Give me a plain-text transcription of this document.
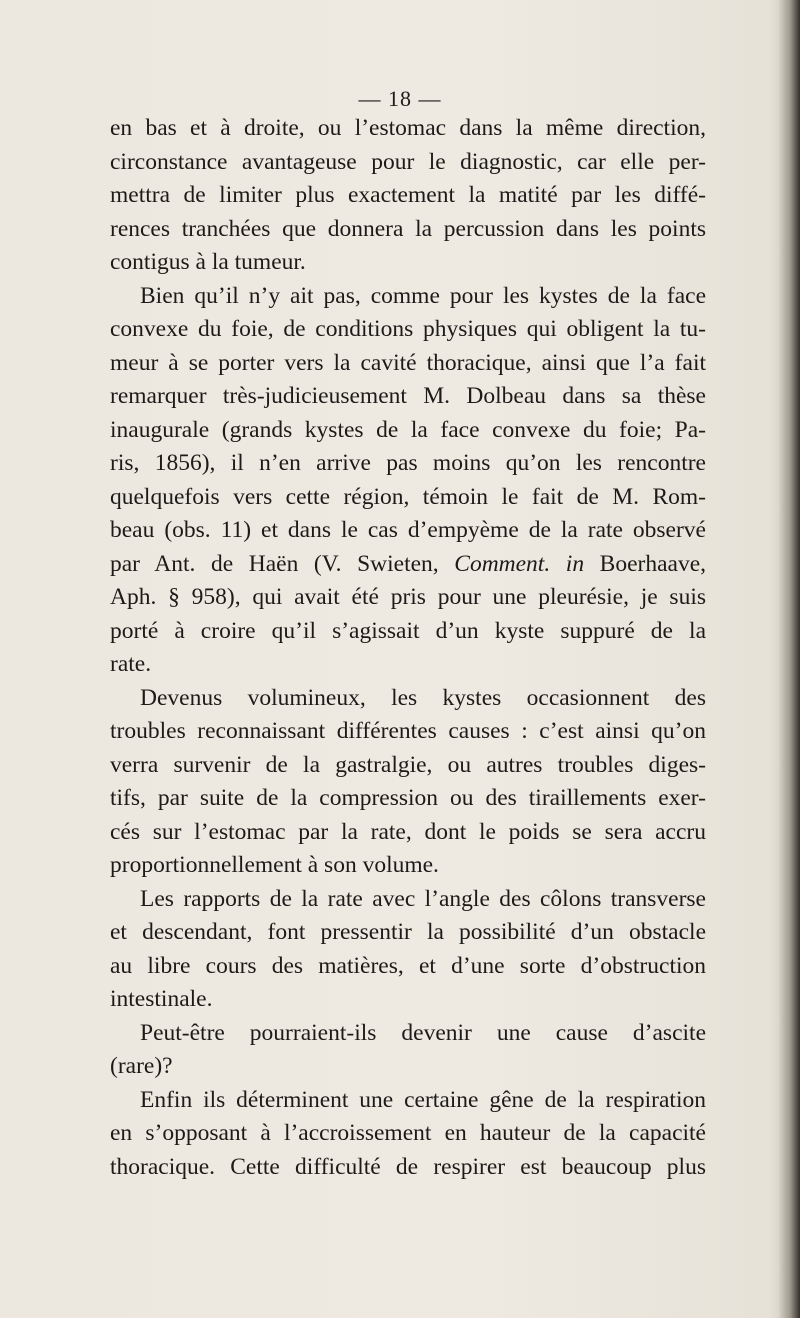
— 18 —
en bas et à droite, ou l’estomac dans la même direction,
circonstance avantageuse pour le diagnostic, car elle per-
mettra de limiter plus exactement la matité par les diffé-
rences tranchées que donnera la percussion dans les points
contigus à la tumeur.
Bien qu’il n’y ait pas, comme pour les kystes de la face
convexe du foie, de conditions physiques qui obligent la tu-
meur à se porter vers la cavité thoracique, ainsi que l’a fait
remarquer très-judicieusement M. Dolbeau dans sa thèse
inaugurale (grands kystes de la face convexe du foie; Pa-
ris, 1856), il n’en arrive pas moins qu’on les rencontre
quelquefois vers cette région, témoin le fait de M. Rom-
beau (obs. 11) et dans le cas d’empyème de la rate observé
par Ant. de Haën (V. Swieten, Comment. in Boerhaave,
Aph. § 958), qui avait été pris pour une pleurésie, je suis
porté à croire qu’il s’agissait d’un kyste suppuré de la
rate.
Devenus volumineux, les kystes occasionnent des
troubles reconnaissant différentes causes : c’est ainsi qu’on
verra survenir de la gastralgie, ou autres troubles diges-
tifs, par suite de la compression ou des tiraillements exer-
cés sur l’estomac par la rate, dont le poids se sera accru
proportionnellement à son volume.
Les rapports de la rate avec l’angle des côlons transverse
et descendant, font pressentir la possibilité d’un obstacle
au libre cours des matières, et d’une sorte d’obstruction
intestinale.
Peut-être pourraient-ils devenir une cause d’ascite
(rare)?
Enfin ils déterminent une certaine gêne de la respiration
en s’opposant à l’accroissement en hauteur de la capacité
thoracique. Cette difficulté de respirer est beaucoup plus
